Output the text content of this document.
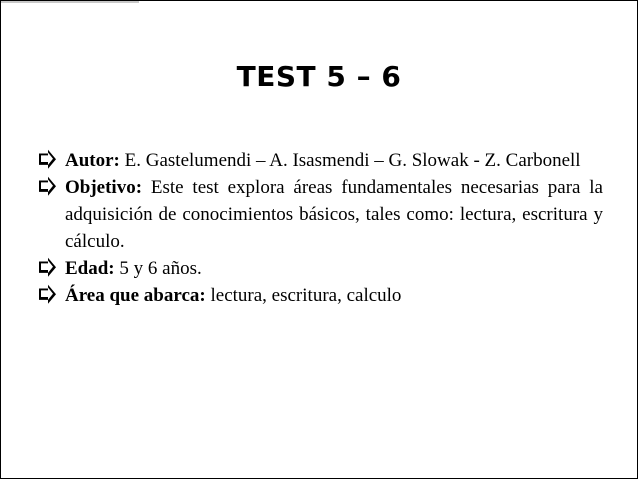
TEST 5 – 6
Autor: E. Gastelumendi – A. Isasmendi – G. Slowak - Z. Carbonell
Objetivo: Este test explora áreas fundamentales necesarias para la adquisición de conocimientos básicos, tales como: lectura, escritura y cálculo.
Edad: 5 y 6 años.
Área que abarca: lectura, escritura, calculo
